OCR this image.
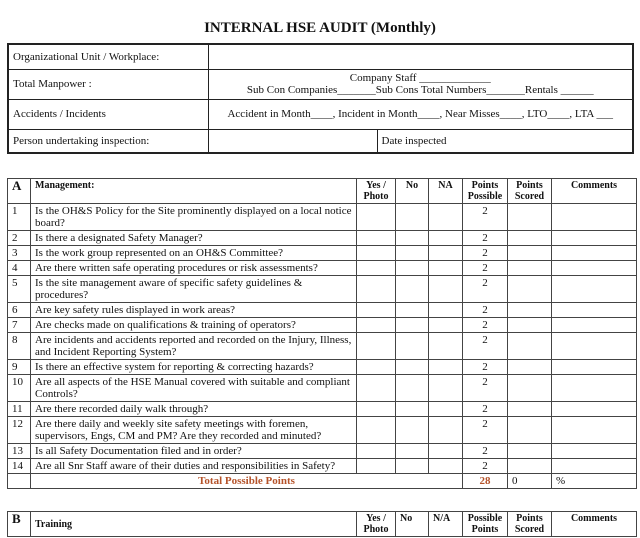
INTERNAL HSE AUDIT (Monthly)
Organizational Unit / Workplace:		
Total Manpower :	Company Staff _____________
Sub Con Companies_______Sub Cons Total Numbers_______Rentals ______	

Accidents / Incidents	Accident in Month____, Incident in Month____, Near Misses____, LTO____, LTA ___	
Person undertaking inspection:		Date inspected
A	Management:	Yes / Photo	No	NA	Points Possible	Points Scored	Comments
1	Is the OH&S Policy for the Site prominently displayed on a local notice board?				2		
2	Is there a designated Safety Manager?				2		
3	Is the work group represented on an OH&S Committee?				2		
4	Are there written safe operating procedures or risk assessments?				2		
5	Is the site management aware of specific safety guidelines & procedures?				2		
6	Are key safety rules displayed in work areas?				2		
7	Are checks made on qualifications & training of operators?				2		
8	Are incidents and accidents reported and recorded on the Injury, Illness, and Incident Reporting System?				2		
9	Is there an effective system for reporting & correcting hazards?				2		
10	Are all aspects of the HSE Manual covered with suitable and compliant Controls?				2		
11	Are there recorded daily walk through?				2		
12	Are there daily and weekly site safety meetings with foremen, supervisors, Engs, CM and PM? Are they recorded and minuted?				2		
13	Is all Safety Documentation filed and in order?				2		
14	Are all Snr Staff aware of their duties and responsibilities in Safety?				2		
	Total Possible Points				28	0	%
B	Training	Yes / Photo	No	N/A	Possible Points	Points Scored	Comments
